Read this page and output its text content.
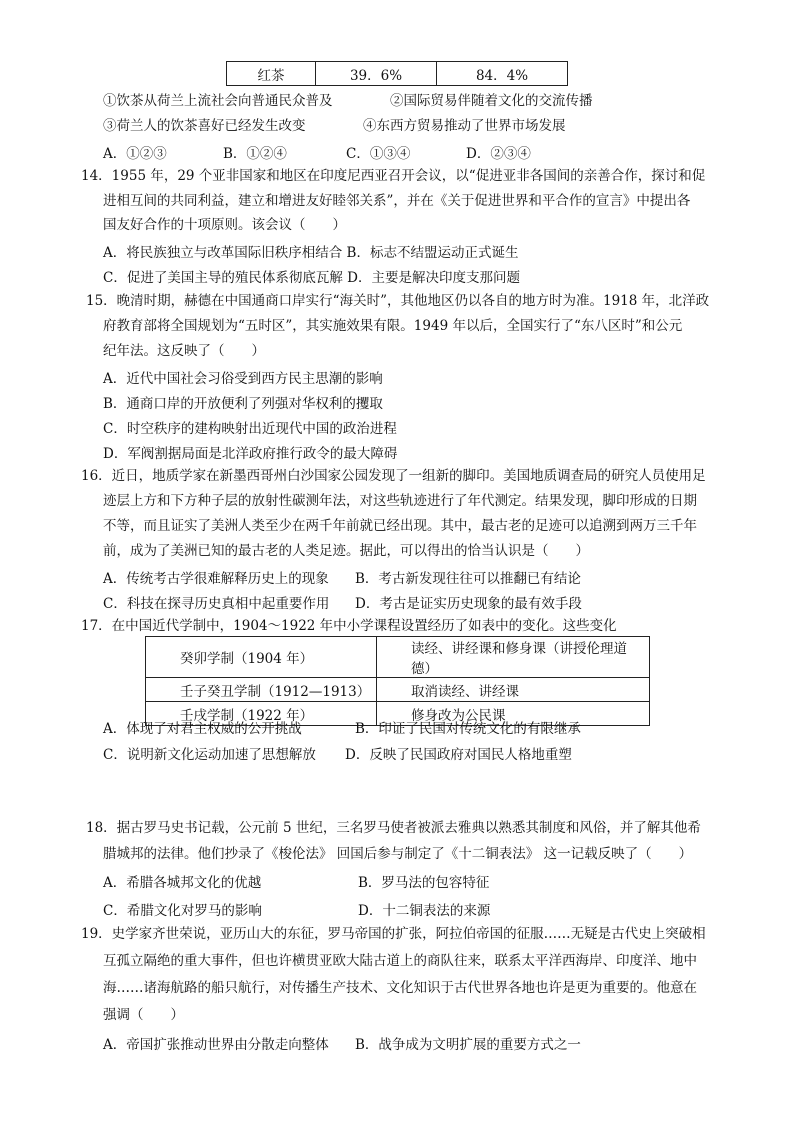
红茶	39．6%	84．4%
①饮茶从荷兰上流社会向普通民众普及	②国际贸易伴随着文化的交流传播
③荷兰人的饮茶喜好已经发生改变	④东西方贸易推动了世界市场发展
A．①②③	B．①②④	C．①③④	D．②③④
14．1955 年，29 个亚非国家和地区在印度尼西亚召开会议，以“促进亚非各国间的亲善合作，探讨和促
进相互间的共同利益，建立和增进友好睦邻关系”，并在《关于促进世界和平合作的宣言》中提出各
国友好合作的十项原则。该会议（　　）
A．将民族独立与改革国际旧秩序相结合 B．标志不结盟运动正式诞生
C．促进了美国主导的殖民体系彻底瓦解 D．主要是解决印度支那问题
15．晚清时期，赫德在中国通商口岸实行“海关时”，其他地区仍以各自的地方时为准。1918 年，北洋政
府教育部将全国规划为“五时区”，其实施效果有限。1949 年以后，全国实行了“东八区时”和公元
纪年法。这反映了（　　）
A．近代中国社会习俗受到西方民主思潮的影响
B．通商口岸的开放便利了列强对华权利的攫取
C．时空秩序的建构映射出近现代中国的政治进程
D．军阀割据局面是北洋政府推行政令的最大障碍
16．近日，地质学家在新墨西哥州白沙国家公园发现了一组新的脚印。美国地质调查局的研究人员使用足
迹层上方和下方种子层的放射性碳测年法，对这些轨迹进行了年代测定。结果发现，脚印形成的日期
不等，而且证实了美洲人类至少在两千年前就已经出现。其中，最古老的足迹可以追溯到两万三千年
前，成为了美洲已知的最古老的人类足迹。据此，可以得出的恰当认识是（　　）
A．传统考古学很难解释历史上的现象 B．考古新发现往往可以推翻已有结论
C．科技在探寻历史真相中起重要作用 D．考古是证实历史现象的最有效手段
17．在中国近代学制中，1904～1922 年中小学课程设置经历了如表中的变化。这些变化
癸卯学制（1904 年）	读经、讲经课和修身课（讲授伦理道德）
壬子癸丑学制（1912—1913）	取消读经、讲经课
壬戌学制（1922 年）	修身改为公民课
A．体现了对君主权威的公开挑战	B．印证了民国对传统文化的有限继承
C．说明新文化运动加速了思想解放 D．反映了民国政府对国民人格地重塑
18．据古罗马史书记载，公元前 5 世纪，三名罗马使者被派去雅典以熟悉其制度和风俗，并了解其他希
腊城邦的法律。他们抄录了《梭伦法》 回国后参与制定了《十二铜表法》 这一记载反映了（　　）
A．希腊各城邦文化的优越	B．罗马法的包容特征
C．希腊文化对罗马的影响	D．十二铜表法的来源
19．史学家齐世荣说，亚历山大的东征，罗马帝国的扩张，阿拉伯帝国的征服……无疑是古代史上突破相
互孤立隔绝的重大事件，但也许横贯亚欧大陆古道上的商队往来，联系太平洋西海岸、印度洋、地中
海……诸海航路的船只航行，对传播生产技术、文化知识于古代世界各地也许是更为重要的。他意在
强调（　　）
A．帝国扩张推动世界由分散走向整体 B．战争成为文明扩展的重要方式之一
